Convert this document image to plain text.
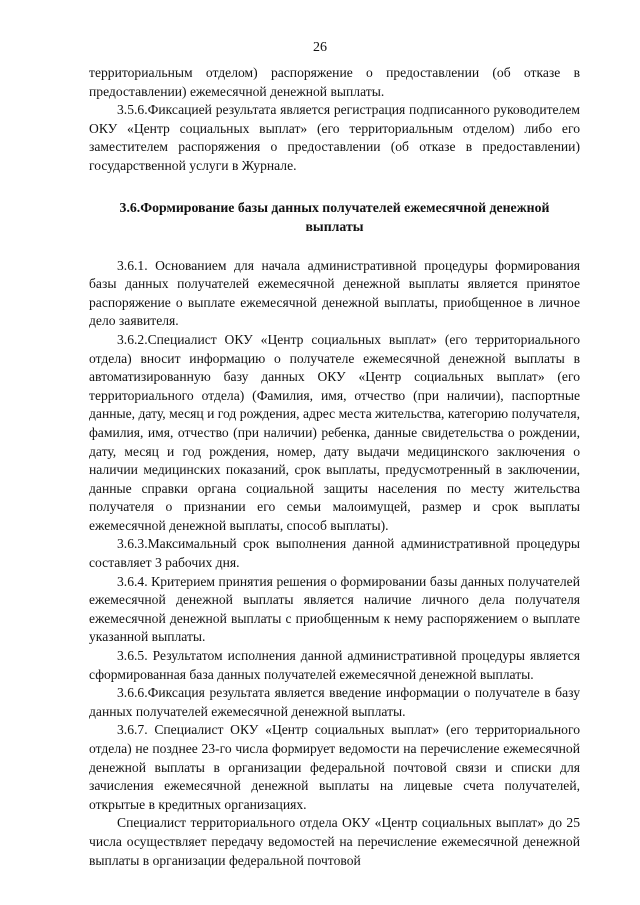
26

территориальным отделом) распоряжение о предоставлении (об отказе в предоставлении) ежемесячной денежной выплаты.

3.5.6.Фиксацией результата является регистрация подписанного руководителем ОКУ «Центр социальных выплат» (его территориальным отделом) либо его заместителем распоряжения о предоставлении (об отказе в предоставлении) государственной услуги в Журнале.

3.6.Формирование базы данных получателей ежемесячной денежной выплаты

3.6.1. Основанием для начала административной процедуры формирования базы данных получателей ежемесячной денежной выплаты является принятое распоряжение о выплате ежемесячной денежной выплаты, приобщенное в личное дело заявителя.

3.6.2.Специалист ОКУ «Центр социальных выплат» (его территориального отдела) вносит информацию о получателе ежемесячной денежной выплаты в автоматизированную базу данных ОКУ «Центр социальных выплат» (его территориального отдела) (Фамилия, имя, отчество (при наличии), паспортные данные, дату, месяц и год рождения, адрес места жительства, категорию получателя, фамилия, имя, отчество (при наличии) ребенка, данные свидетельства о рождении, дату, месяц и год рождения, номер, дату выдачи медицинского заключения о наличии медицинских показаний, срок выплаты, предусмотренный в заключении, данные справки органа социальной защиты населения по месту жительства получателя о признании его семьи малоимущей, размер и срок выплаты ежемесячной денежной выплаты, способ выплаты).

3.6.3.Максимальный срок выполнения данной административной процедуры составляет 3 рабочих дня.

3.6.4. Критерием принятия решения о формировании базы данных получателей ежемесячной денежной выплаты является наличие личного дела получателя ежемесячной денежной выплаты с приобщенным к нему распоряжением о выплате указанной выплаты.

3.6.5. Результатом исполнения данной административной процедуры является сформированная база данных получателей ежемесячной денежной выплаты.

3.6.6.Фиксация результата является введение информации о получателе в базу данных получателей ежемесячной денежной выплаты.

3.6.7. Специалист ОКУ «Центр социальных выплат» (его территориального отдела) не позднее 23-го числа формирует ведомости на перечисление ежемесячной денежной выплаты в организации федеральной почтовой связи и списки для зачисления ежемесячной денежной выплаты на лицевые счета получателей, открытые в кредитных организациях.

Специалист территориального отдела ОКУ «Центр социальных выплат» до 25 числа осуществляет передачу ведомостей на перечисление ежемесячной денежной выплаты в организации федеральной почтовой
